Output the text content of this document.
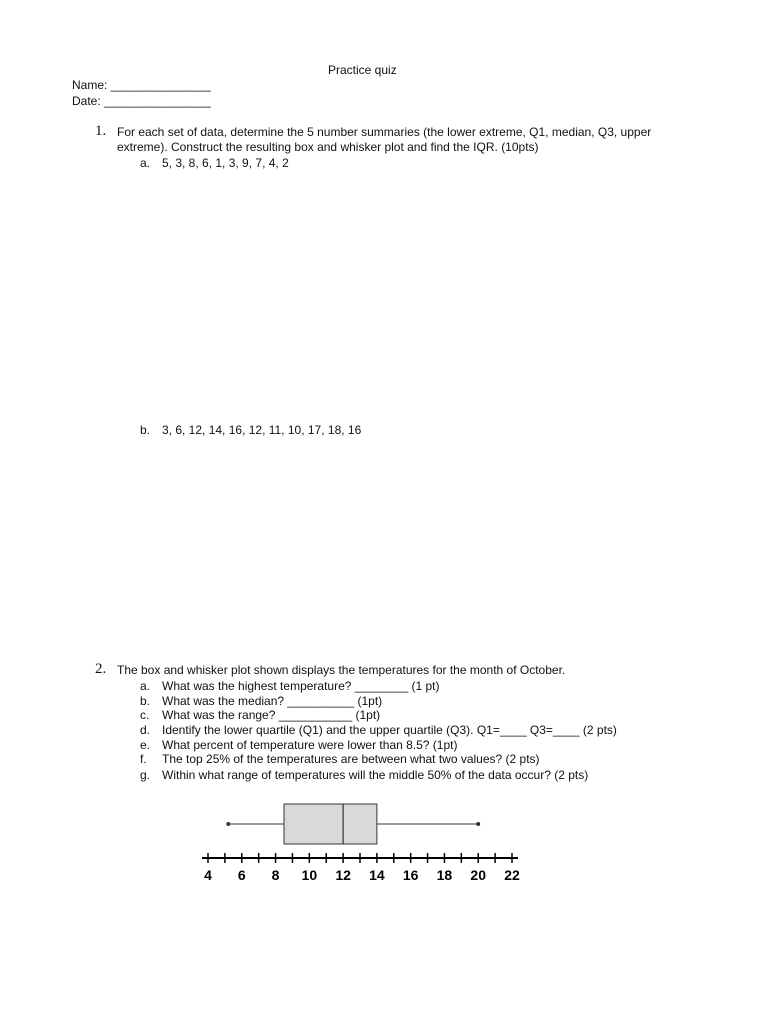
Practice quiz
Name: _______________
Date: ________________
1. For each set of data, determine the 5 number summaries (the lower extreme, Q1, median, Q3, upper extreme). Construct the resulting box and whisker plot and find the IQR. (10pts)
a. 5, 3, 8, 6, 1, 3, 9, 7, 4, 2
b. 3, 6, 12, 14, 16, 12, 11, 10, 17, 18, 16
2. The box and whisker plot shown displays the temperatures for the month of October.
a. What was the highest temperature? ________ (1 pt)
b. What was the median? __________ (1pt)
c. What was the range? ___________ (1pt)
d. Identify the lower quartile (Q1) and the upper quartile (Q3). Q1=____ Q3=____ (2 pts)
e. What percent of temperature were lower than 8.5? (1pt)
f. The top 25% of the temperatures are between what two values? (2 pts)
g. Within what range of temperatures will the middle 50% of the data occur? (2 pts)
4 6 8 10 12 14 16 18 20 22
